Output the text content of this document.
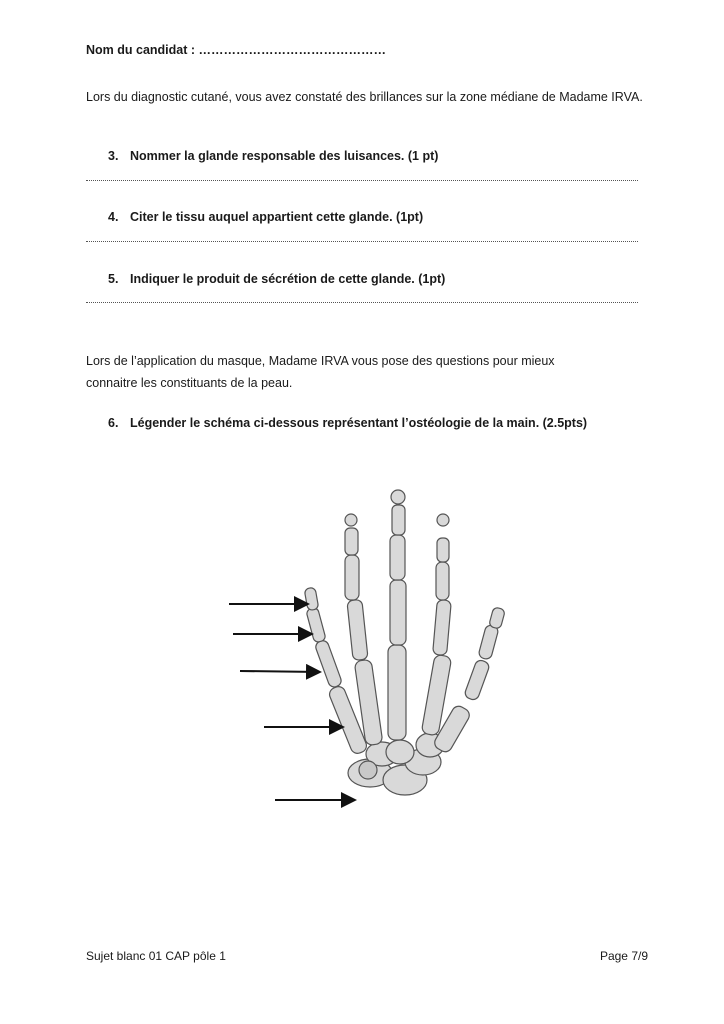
Nom du candidat : ………………………………………
Lors du diagnostic cutané, vous avez constaté des brillances sur la zone médiane de Madame IRVA.
3. Nommer la glande responsable des luisances. (1 pt)
4. Citer le tissu auquel appartient cette glande. (1pt)
5. Indiquer le produit de sécrétion de cette glande. (1pt)
Lors de l’application du masque, Madame IRVA vous pose des questions pour mieux connaitre les constituants de la peau.
6. Légender le schéma ci-dessous représentant l’ostéologie de la main. (2.5pts)
Sujet blanc 01 CAP pôle 1	Page 7/9
